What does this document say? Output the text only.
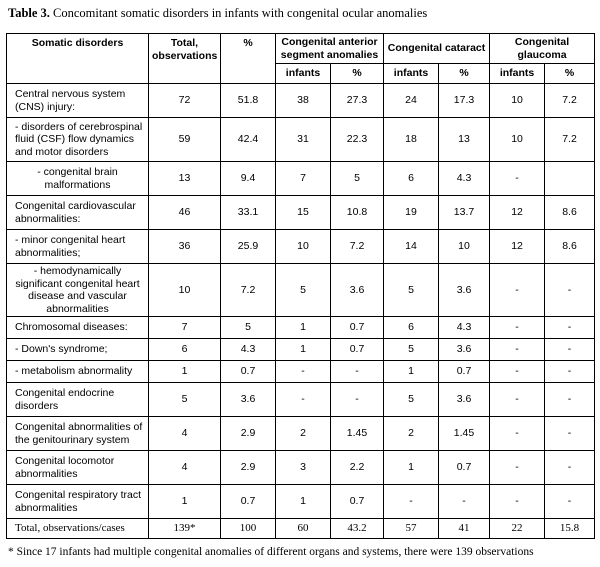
Table 3. Concomitant somatic disorders in infants with congenital ocular anomalies
Somatic disorders	Total, observations	%	Congenital anterior segment anomalies		Congenital cataract		Congenital glaucoma	
			infants	%	infants	%	infants	%
Central nervous system (CNS) injury:	72	51.8	38	27.3	24	17.3	10	7.2
- disorders of cerebrospinal fluid (CSF) flow dynamics and motor disorders	59	42.4	31	22.3	18	13	10	7.2
- congenital brain malformations	13	9.4	7	5	6	4.3	-	
Congenital cardiovascular abnormalities:	46	33.1	15	10.8	19	13.7	12	8.6
- minor congenital heart abnormalities;	36	25.9	10	7.2	14	10	12	8.6
- hemodynamically significant congenital heart disease and vascular abnormalities	10	7.2	5	3.6	5	3.6	-	-
Chromosomal diseases:	7	5	1	0.7	6	4.3	-	-
- Down's syndrome;	6	4.3	1	0.7	5	3.6	-	-
- metabolism abnormality	1	0.7	-	-	1	0.7	-	-
Congenital endocrine disorders	5	3.6	-	-	5	3.6	-	-
Congenital abnormalities of the genitourinary system	4	2.9	2	1.45	2	1.45	-	-
Congenital locomotor abnormalities	4	2.9	3	2.2	1	0.7	-	-
Congenital respiratory tract abnormalities	1	0.7	1	0.7	-	-	-	-
Total, observations/cases	139*	100	60	43.2	57	41	22	15.8
* Since 17 infants had multiple congenital anomalies of different organs and systems, there were 139 observations
